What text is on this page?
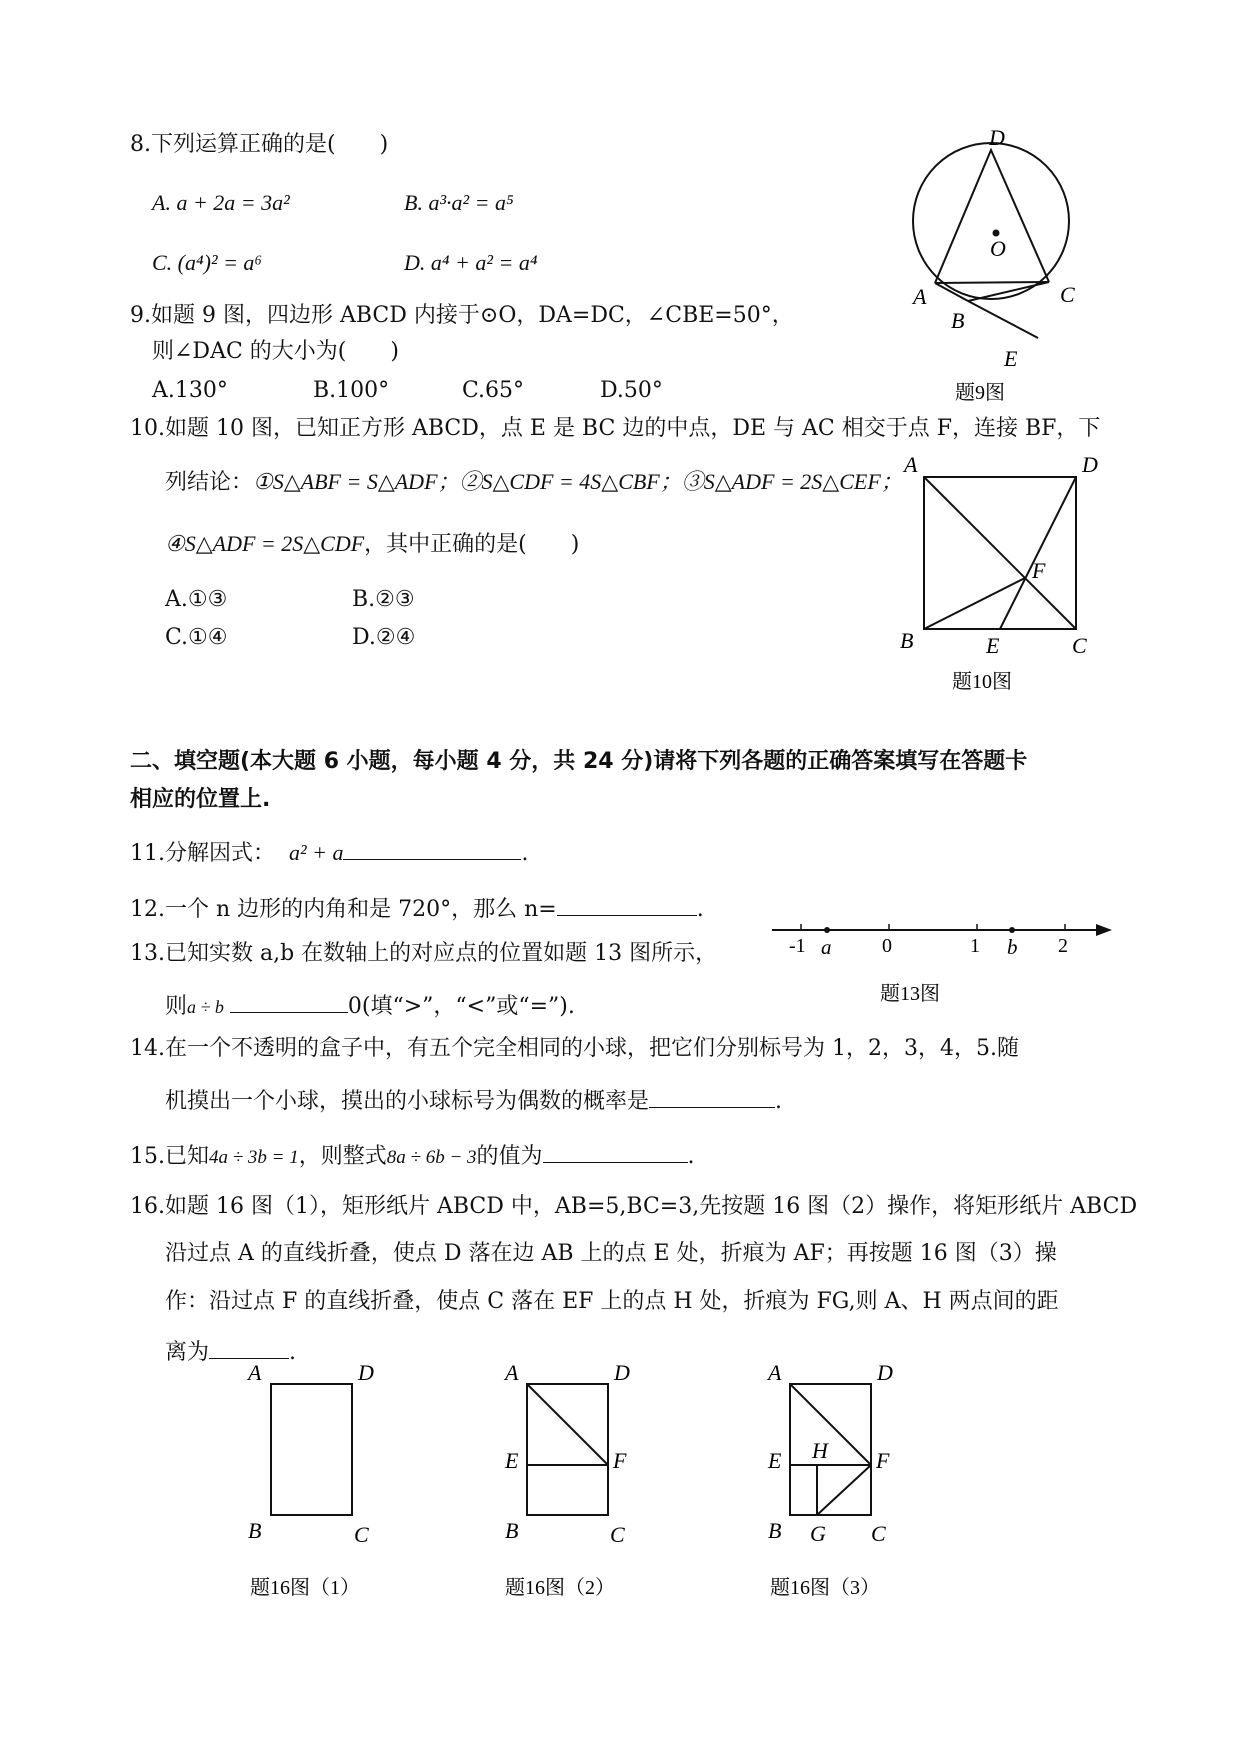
8.下列运算正确的是(　　)
A. a + 2a = 3a²	B. a³·a² = a⁵
C. (a⁴)² = a⁶	D. a⁴ + a² = a⁴
D
O
A	C
B
E
题9图
9.如题 9 图，四边形 ABCD 内接于⊙O，DA=DC，∠CBE=50°，
则∠DAC 的大小为(　　)
A.130°	B.100°	C.65°	D.50°
10.如题 10 图，已知正方形 ABCD，点 E 是 BC 边的中点，DE 与 AC 相交于点 F，连接 BF，下
列结论：①S△ABF = S△ADF；②S△CDF = 4S△CBF；③S△ADF = 2S△CEF；
④S△ADF = 2S△CDF，其中正确的是(　　)
A.①③	B.②③
C.①④	D.②④
A	D
F
B	E	C
题10图
二、填空题(本大题 6 小题，每小题 4 分，共 24 分)请将下列各题的正确答案填写在答题卡
相应的位置上.
11.分解因式： a² + a	.
12.一个 n 边形的内角和是 720°，那么 n=	.
13.已知实数 a,b 在数轴上的对应点的位置如题 13 图所示，
则a ÷ b	0(填“>”，“<”或“=”).
-1 a	0	1 b 2
题13图
14.在一个不透明的盒子中，有五个完全相同的小球，把它们分别标号为 1，2，3，4，5.随
机摸出一个小球，摸出的小球标号为偶数的概率是	.
15.已知4a ÷ 3b = 1，则整式8a ÷ 6b − 3的值为	.
16.如题 16 图（1），矩形纸片 ABCD 中，AB=5,BC=3,先按题 16 图（2）操作，将矩形纸片 ABCD
沿过点 A 的直线折叠，使点 D 落在边 AB 上的点 E 处，折痕为 AF；再按题 16 图（3）操
作：沿过点 F 的直线折叠，使点 C 落在 EF 上的点 H 处，折痕为 FG,则 A、H 两点间的距
离为	.
A	D
B	C
题16图（1）
A	D
E	F
B	C
题16图（2）
A	D
E H F
B G C
题16图（3）
